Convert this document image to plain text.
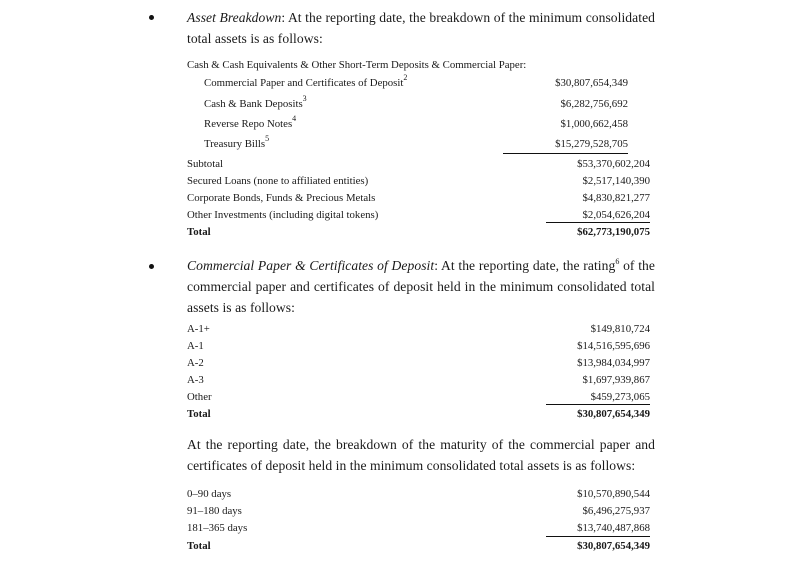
Asset Breakdown: At the reporting date, the breakdown of the minimum consolidated total assets is as follows:
Cash & Cash Equivalents & Other Short-Term Deposits & Commercial Paper:
Commercial Paper and Certificates of Deposit$^2$	$30,807,654,349
Cash & Bank Deposits$^3$	$6,282,756,692
Reverse Repo Notes$^4$	$1,000,662,458
Treasury Bills$^5$	$15,279,528,705
Subtotal	$53,370,602,204
Secured Loans (none to affiliated entities)	$2,517,140,390
Corporate Bonds, Funds & Precious Metals	$4,830,821,277
Other Investments (including digital tokens)	$2,054,626,204
Total	$62,773,190,075
Commercial Paper & Certificates of Deposit: At the reporting date, the rating$^6$ of the commercial paper and certificates of deposit held in the minimum consolidated total assets is as follows:
A-1+	$149,810,724
A-1	$14,516,595,696
A-2	$13,984,034,997
A-3	$1,697,939,867
Other	$459,273,065
Total	$30,807,654,349
At the reporting date, the breakdown of the maturity of the commercial paper and certificates of deposit held in the minimum consolidated total assets is as follows:
0–90 days	$10,570,890,544
91–180 days	$6,496,275,937
181–365 days	$13,740,487,868
Total	$30,807,654,349
